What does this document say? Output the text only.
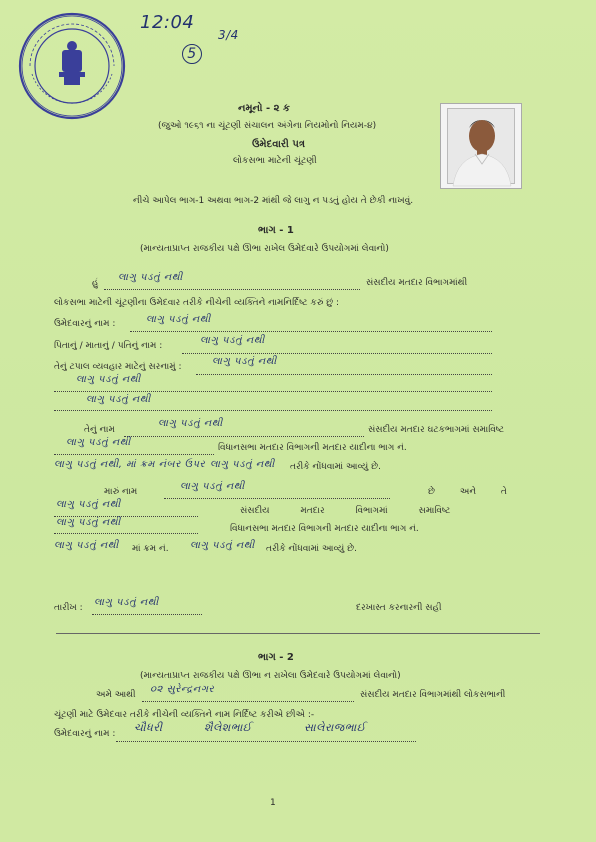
12:04
5
3/4
નમૂનો - ૨ ક
(જુઓ ૧૯૬૧ ના ચૂંટણી સંચાલન અંગેના નિયમોનો નિયમ-૪)
ઉમેદવારી પત્ર
લોકસભા માટેની ચૂંટણી
નીચે આપેલ ભાગ-1 અથવા ભાગ-2 માંથી જે લાગુ ન પડતું હોય તે છેકી નાખવું.
ભાગ - 1
(માન્યતાપ્રાપ્ત રાજકીય પક્ષે ઊભા રાખેલ ઉમેદવારે ઉપયોગમાં લેવાનો)
હું લાગુ પડતું નથી	સંસદીય મતદાર વિભાગમાંથી
લોકસભા માટેની ચૂંટણીના ઉમેદવાર તરીકે નીચેની વ્યક્તિને નામનિર્દિષ્ટ કરું છું :
ઉમેદવારનું નામ :	લાગુ પડતું નથી
પિતાનું / માતાનું / પતિનું નામ :	લાગુ પડતું નથી
તેનું ટપાલ વ્યવહાર માટેનું સરનામું :	લાગુ પડતું નથી
લાગુ પડતું નથી
લાગુ પડતું નથી
તેનું નામ
લાગુ પડતું નથી
સંસદીય મતદાર ઘટકભાગમાં સમાવિષ્ટ
લાગુ પડતું નથી	વિધાનસભા મતદાર વિભાગની મતદાર યાદીના ભાગ નં.
લાગુ પડતું નથી, માં ક્રમ નંબર ઉપર લાગુ પડતું નથી તરીકે નોંધવામાં આવ્યું છે.
મારું નામ	લાગુ પડતું નથી	છે અને તે
લાગુ પડતું નથી
સંસદીય મતદાર વિભાગમાં સમાવિષ્ટ
લાગુ પડતું નથી
વિધાનસભા મતદાર વિભાગની મતદાર યાદીના ભાગ નં.
લાગુ પડતું નથી માં ક્રમ નં. લાગુ પડતું નથી તરીકે નોંધવામાં આવ્યું છે.
તારીખ : લાગુ પડતું નથી	દરખાસ્ત કરનારની સહી
ભાગ - 2
(માન્યતાપ્રાપ્ત રાજકીય પક્ષે ઊભા ન રાખેલા ઉમેદવારે ઉપયોગમાં લેવાનો)
અમે આથી ૦૨ સુરેન્દ્રનગર	સંસદીય મતદાર વિભાગમાંથી લોકસભાની
ચૂંટણી માટે ઉમેદવાર તરીકે નીચેની વ્યક્તિને નામ નિર્દિષ્ટ કરીએ છીએ :-
ઉમેદવારનું નામ : ચૌધરી	શૈલેશભાઈ	સાલેરાજભાઈ
1
